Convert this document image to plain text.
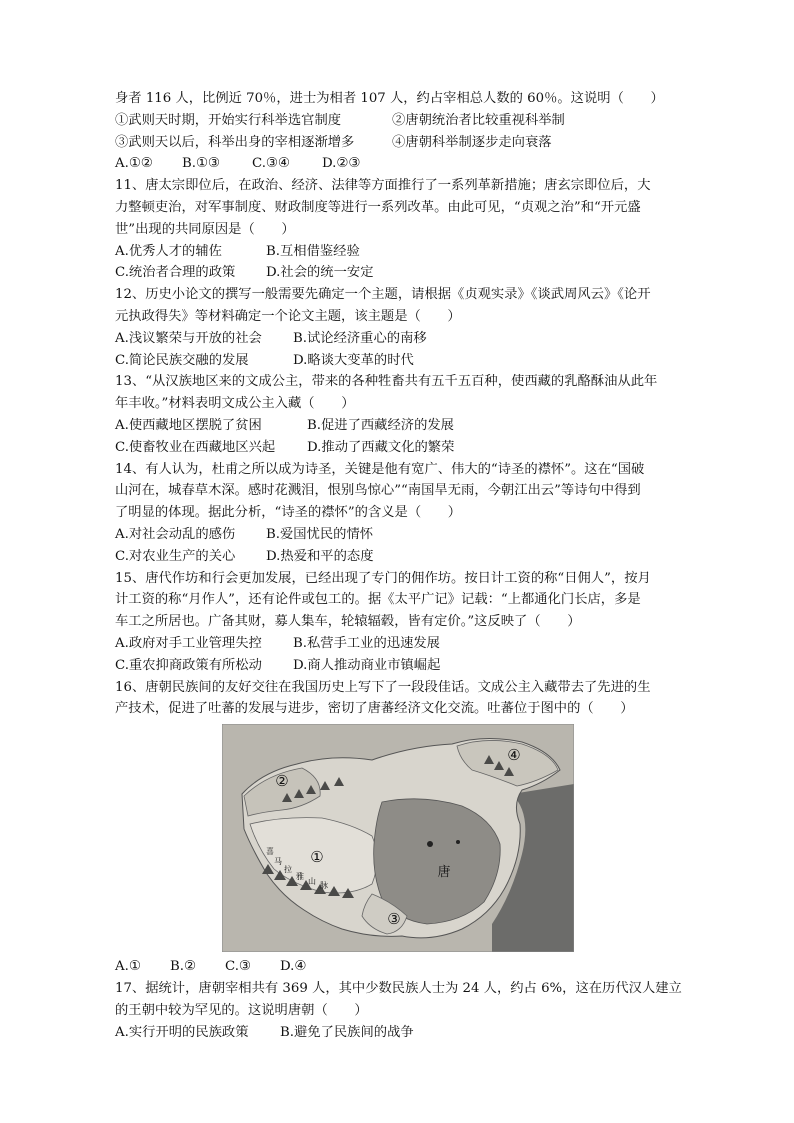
身者 116 人，比例近 70％，进士为相者 107 人，约占宰相总人数的 60％。这说明（　　）
①武则天时期，开始实行科举选官制度	②唐朝统治者比较重视科举制
③武则天以后，科举出身的宰相逐渐增多	④唐朝科举制逐步走向衰落
A.①②	B.①③	C.③④	D.②③
11、唐太宗即位后，在政治、经济、法律等方面推行了一系列革新措施；唐玄宗即位后，大
力整顿吏治，对军事制度、财政制度等进行一系列改革。由此可见，“贞观之治”和“开元盛
世”出现的共同原因是（　　）
A.优秀人才的辅佐	B.互相借鉴经验
C.统治者合理的政策	D.社会的统一安定
12、历史小论文的撰写一般需要先确定一个主题，请根据《贞观实录》《谈武周风云》《论开
元执政得失》等材料确定一个论文主题，该主题是（　　）
A.浅议繁荣与开放的社会	B.试论经济重心的南移
C.简论民族交融的发展	D.略谈大变革的时代
13、“从汉族地区来的文成公主，带来的各种牲畜共有五千五百种，使西藏的乳酪酥油从此年
年丰收。”材料表明文成公主入藏（　　）
A.使西藏地区摆脱了贫困	B.促进了西藏经济的发展
C.使畜牧业在西藏地区兴起	D.推动了西藏文化的繁荣
14、有人认为，杜甫之所以成为诗圣，关键是他有宽广、伟大的“诗圣的襟怀”。这在“国破
山河在，城春草木深。感时花溅泪，恨别鸟惊心”“南国旱无雨，今朝江出云”等诗句中得到
了明显的体现。据此分析，“诗圣的襟怀”的含义是（　　）
A.对社会动乱的感伤	B.爱国忧民的情怀
C.对农业生产的关心	D.热爱和平的态度
15、唐代作坊和行会更加发展，已经出现了专门的佣作坊。按日计工资的称“日佣人”，按月
计工资的称“月作人”，还有论件或包工的。据《太平广记》记载：“上都通化门长店，多是
车工之所居也。广备其财，募人集车，轮辕辐毂，皆有定价。”这反映了（　　）
A.政府对手工业管理失控	B.私营手工业的迅速发展
C.重农抑商政策有所松动	D.商人推动商业市镇崛起
16、唐朝民族间的友好交往在我国历史上写下了一段段佳话。文成公主入藏带去了先进的生
产技术，促进了吐蕃的发展与进步，密切了唐蕃经济文化交流。吐蕃位于图中的（　　）
①
②
③
④
唐
喜
马
拉
雅
山 脉
A.①	B.②	C.③	D.④
17、据统计，唐朝宰相共有 369 人，其中少数民族人士为 24 人，约占 6%，这在历代汉人建立
的王朝中较为罕见的。这说明唐朝（　　）
A.实行开明的民族政策	B.避免了民族间的战争
